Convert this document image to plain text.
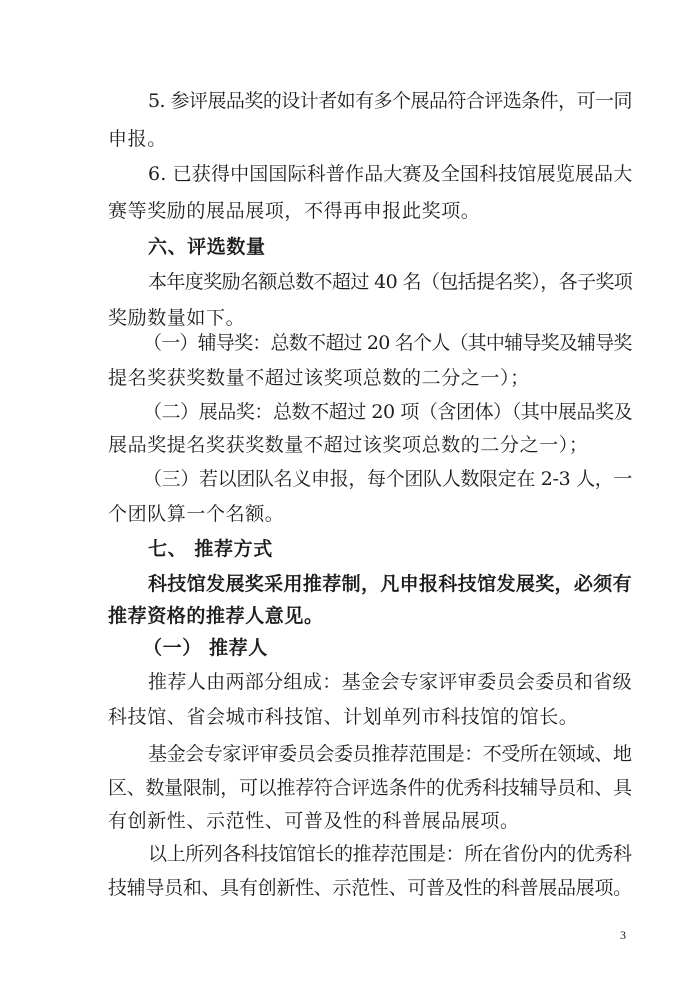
5. 参评展品奖的设计者如有多个展品符合评选条件，可一同
申报。
6. 已获得中国国际科普作品大赛及全国科技馆展览展品大
赛等奖励的展品展项，不得再申报此奖项。
六、评选数量
本年度奖励名额总数不超过 40 名（包括提名奖），各子奖项
奖励数量如下。
（一）辅导奖：总数不超过 20 名个人（其中辅导奖及辅导奖
提名奖获奖数量不超过该奖项总数的二分之一）；
（二）展品奖：总数不超过 20 项（含团体）（其中展品奖及
展品奖提名奖获奖数量不超过该奖项总数的二分之一）；
（三）若以团队名义申报，每个团队人数限定在 2-3 人，一
个团队算一个名额。
七、 推荐方式
科技馆发展奖采用推荐制，凡申报科技馆发展奖，必须有
推荐资格的推荐人意见。
（一） 推荐人
推荐人由两部分组成：基金会专家评审委员会委员和省级
科技馆、省会城市科技馆、计划单列市科技馆的馆长。
基金会专家评审委员会委员推荐范围是：不受所在领域、地
区、数量限制，可以推荐符合评选条件的优秀科技辅导员和、具
有创新性、示范性、可普及性的科普展品展项。
以上所列各科技馆馆长的推荐范围是：所在省份内的优秀科
技辅导员和、具有创新性、示范性、可普及性的科普展品展项。
3
